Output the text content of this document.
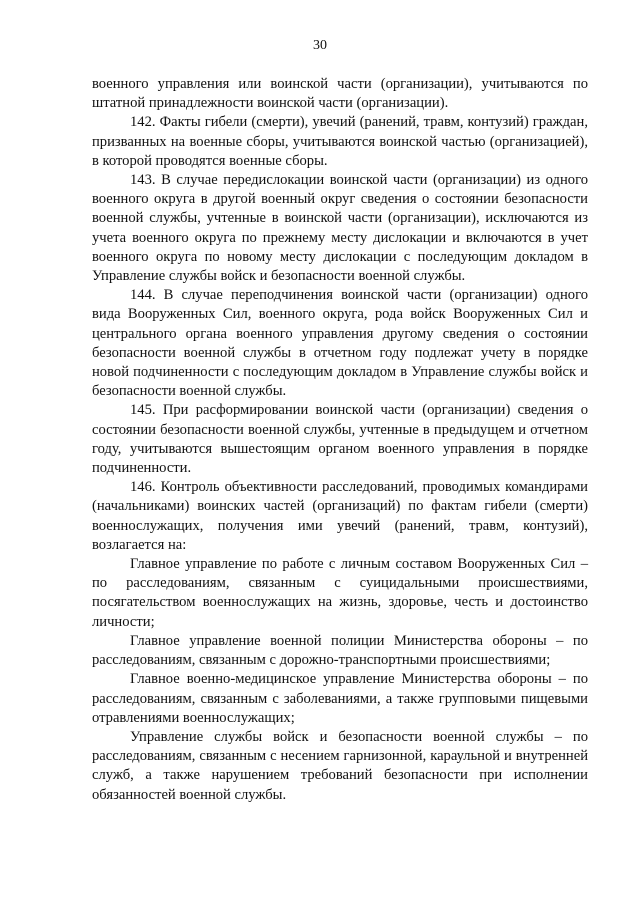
30

военного управления или воинской части (организации), учитываются по штатной принадлежности воинской части (организации).

142. Факты гибели (смерти), увечий (ранений, травм, контузий) граждан, призванных на военные сборы, учитываются воинской частью (организацией), в которой проводятся военные сборы.

143. В случае передислокации воинской части (организации) из одного военного округа в другой военный округ сведения о состоянии безопасности военной службы, учтенные в воинской части (организации), исключаются из учета военного округа по прежнему месту дислокации и включаются в учет военного округа по новому месту дислокации с последующим докладом в Управление службы войск и безопасности военной службы.

144. В случае переподчинения воинской части (организации) одного вида Вооруженных Сил, военного округа, рода войск Вооруженных Сил и центрального органа военного управления другому сведения о состоянии безопасности военной службы в отчетном году подлежат учету в порядке новой подчиненности с последующим докладом в Управление службы войск и безопасности военной службы.

145. При расформировании воинской части (организации) сведения о состоянии безопасности военной службы, учтенные в предыдущем и отчетном году, учитываются вышестоящим органом военного управления в порядке подчиненности.

146. Контроль объективности расследований, проводимых командирами (начальниками) воинских частей (организаций) по фактам гибели (смерти) военнослужащих, получения ими увечий (ранений, травм, контузий), возлагается на:

Главное управление по работе с личным составом Вооруженных Сил – по расследованиям, связанным с суицидальными происшествиями, посягательством военнослужащих на жизнь, здоровье, честь и достоинство личности;

Главное управление военной полиции Министерства обороны – по расследованиям, связанным с дорожно-транспортными происшествиями;

Главное военно-медицинское управление Министерства обороны – по расследованиям, связанным с заболеваниями, а также групповыми пищевыми отравлениями военнослужащих;

Управление службы войск и безопасности военной службы – по расследованиям, связанным с несением гарнизонной, караульной и внутренней служб, а также нарушением требований безопасности при исполнении обязанностей военной службы.
